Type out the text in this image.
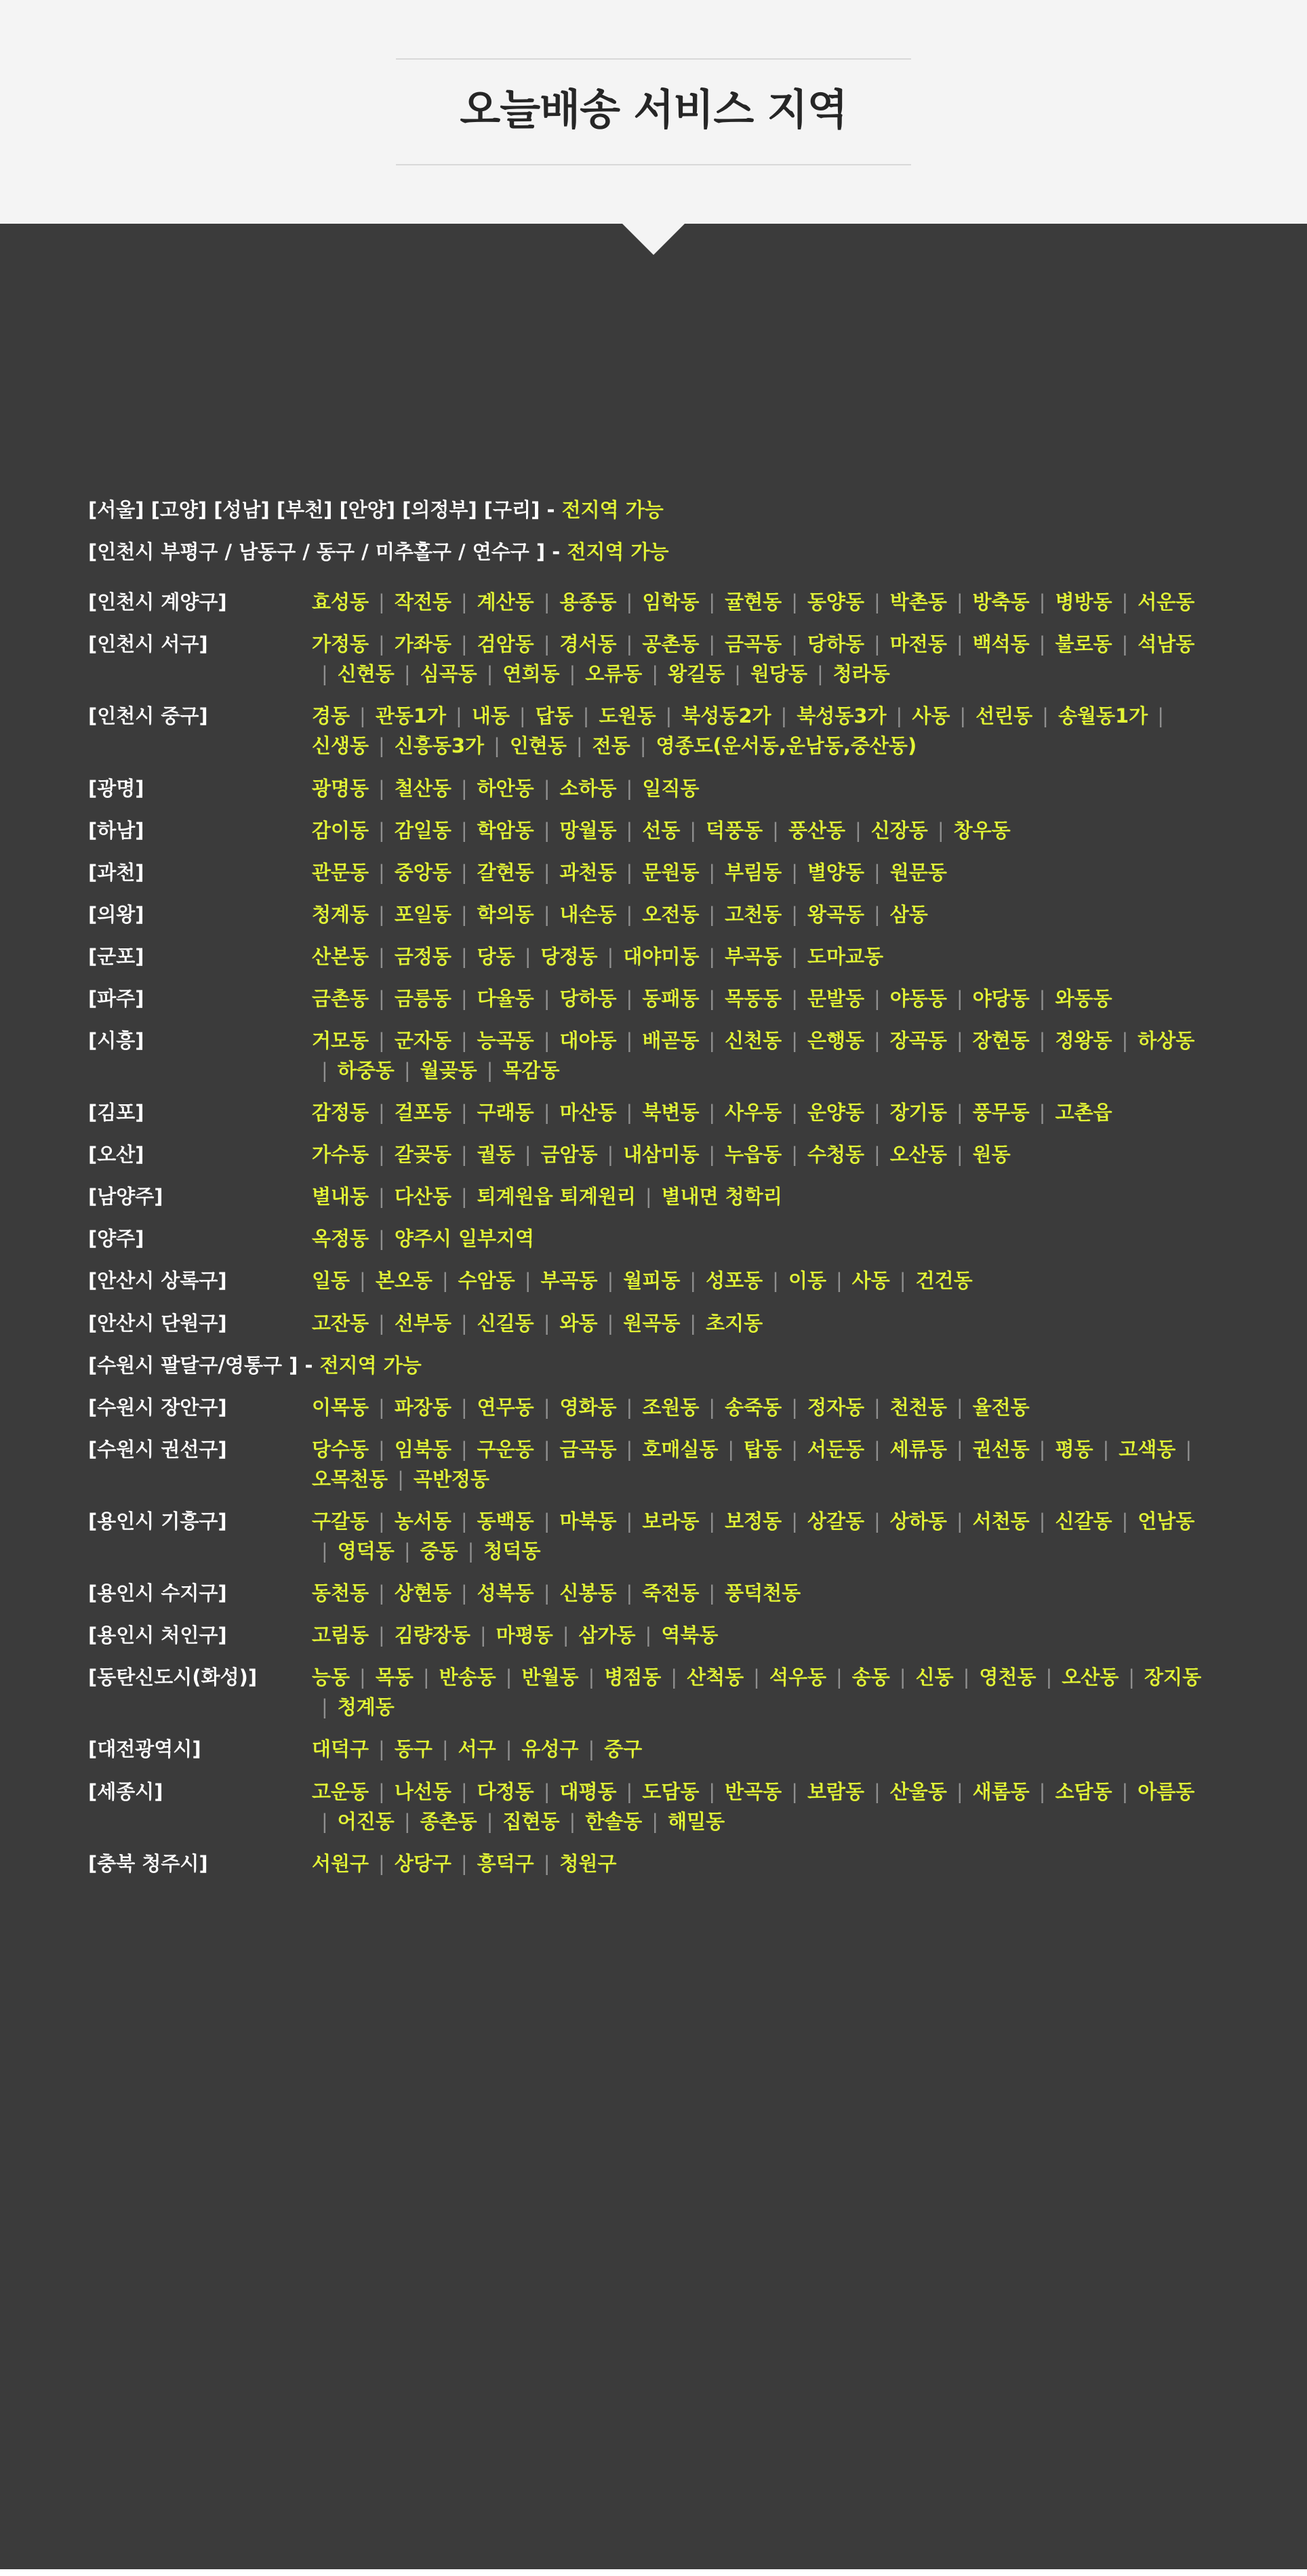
오늘배송 서비스 지역
[서울] [고양] [성남] [부천] [안양] [의정부] [구리] - 전지역 가능
[인천시 부평구 / 남동구 / 동구 / 미추홀구 / 연수구 ] - 전지역 가능
[인천시 계양구]	효성동 | 작전동 | 계산동 | 용종동 | 임학동 | 귤현동 | 동양동 | 박촌동 | 방축동 | 병방동 | 서운동
[인천시 서구]	가정동 | 가좌동 | 검암동 | 경서동 | 공촌동 | 금곡동 | 당하동 | 마전동 | 백석동 | 불로동 | 석남동
| 신현동 | 심곡동 | 연희동 | 오류동 | 왕길동 | 원당동 | 청라동
[인천시 중구]	경동 | 관동1가 | 내동 | 답동 | 도원동 | 북성동2가 | 북성동3가 | 사동 | 선린동 | 송월동1가 |
신생동 | 신흥동3가 | 인현동 | 전동 | 영종도(운서동,운남동,중산동)
[광명]	광명동 | 철산동 | 하안동 | 소하동 | 일직동
[하남]	감이동 | 감일동 | 학암동 | 망월동 | 선동 | 덕풍동 | 풍산동 | 신장동 | 창우동
[과천]	관문동 | 중앙동 | 갈현동 | 과천동 | 문원동 | 부림동 | 별양동 | 원문동
[의왕]	청계동 | 포일동 | 학의동 | 내손동 | 오전동 | 고천동 | 왕곡동 | 삼동
[군포]	산본동 | 금정동 | 당동 | 당정동 | 대야미동 | 부곡동 | 도마교동
[파주]	금촌동 | 금릉동 | 다율동 | 당하동 | 동패동 | 목동동 | 문발동 | 야동동 | 야당동 | 와동동
[시흥]	거모동 | 군자동 | 능곡동 | 대야동 | 배곧동 | 신천동 | 은행동 | 장곡동 | 장현동 | 정왕동 | 하상동
| 하중동 | 월곶동 | 목감동
[김포]	감정동 | 걸포동 | 구래동 | 마산동 | 북변동 | 사우동 | 운양동 | 장기동 | 풍무동 | 고촌읍
[오산]	가수동 | 갈곶동 | 궐동 | 금암동 | 내삼미동 | 누읍동 | 수청동 | 오산동 | 원동
[남양주]	별내동 | 다산동 | 퇴계원읍 퇴계원리 | 별내면 청학리
[양주]	옥정동 | 양주시 일부지역
[안산시 상록구]	일동 | 본오동 | 수암동 | 부곡동 | 월피동 | 성포동 | 이동 | 사동 | 건건동
[안산시 단원구]	고잔동 | 선부동 | 신길동 | 와동 | 원곡동 | 초지동
[수원시 팔달구/영통구 ] - 전지역 가능
[수원시 장안구]	이목동 | 파장동 | 연무동 | 영화동 | 조원동 | 송죽동 | 정자동 | 천천동 | 율전동
[수원시 권선구]	당수동 | 임북동 | 구운동 | 금곡동 | 호매실동 | 탑동 | 서둔동 | 세류동 | 권선동 | 평동 | 고색동 |
오목천동 | 곡반정동
[용인시 기흥구]	구갈동 | 농서동 | 동백동 | 마북동 | 보라동 | 보정동 | 상갈동 | 상하동 | 서천동 | 신갈동 | 언남동
| 영덕동 | 중동 | 청덕동
[용인시 수지구]	동천동 | 상현동 | 성복동 | 신봉동 | 죽전동 | 풍덕천동
[용인시 처인구]	고림동 | 김량장동 | 마평동 | 삼가동 | 역북동
[동탄신도시(화성)]	능동 | 목동 | 반송동 | 반월동 | 병점동 | 산척동 | 석우동 | 송동 | 신동 | 영천동 | 오산동 | 장지동
| 청계동
[대전광역시]	대덕구 | 동구 | 서구 | 유성구 | 중구
[세종시]	고운동 | 나선동 | 다정동 | 대평동 | 도담동 | 반곡동 | 보람동 | 산울동 | 새롬동 | 소담동 | 아름동
| 어진동 | 종촌동 | 집현동 | 한솔동 | 해밀동
[충북 청주시]	서원구 | 상당구 | 흥덕구 | 청원구
